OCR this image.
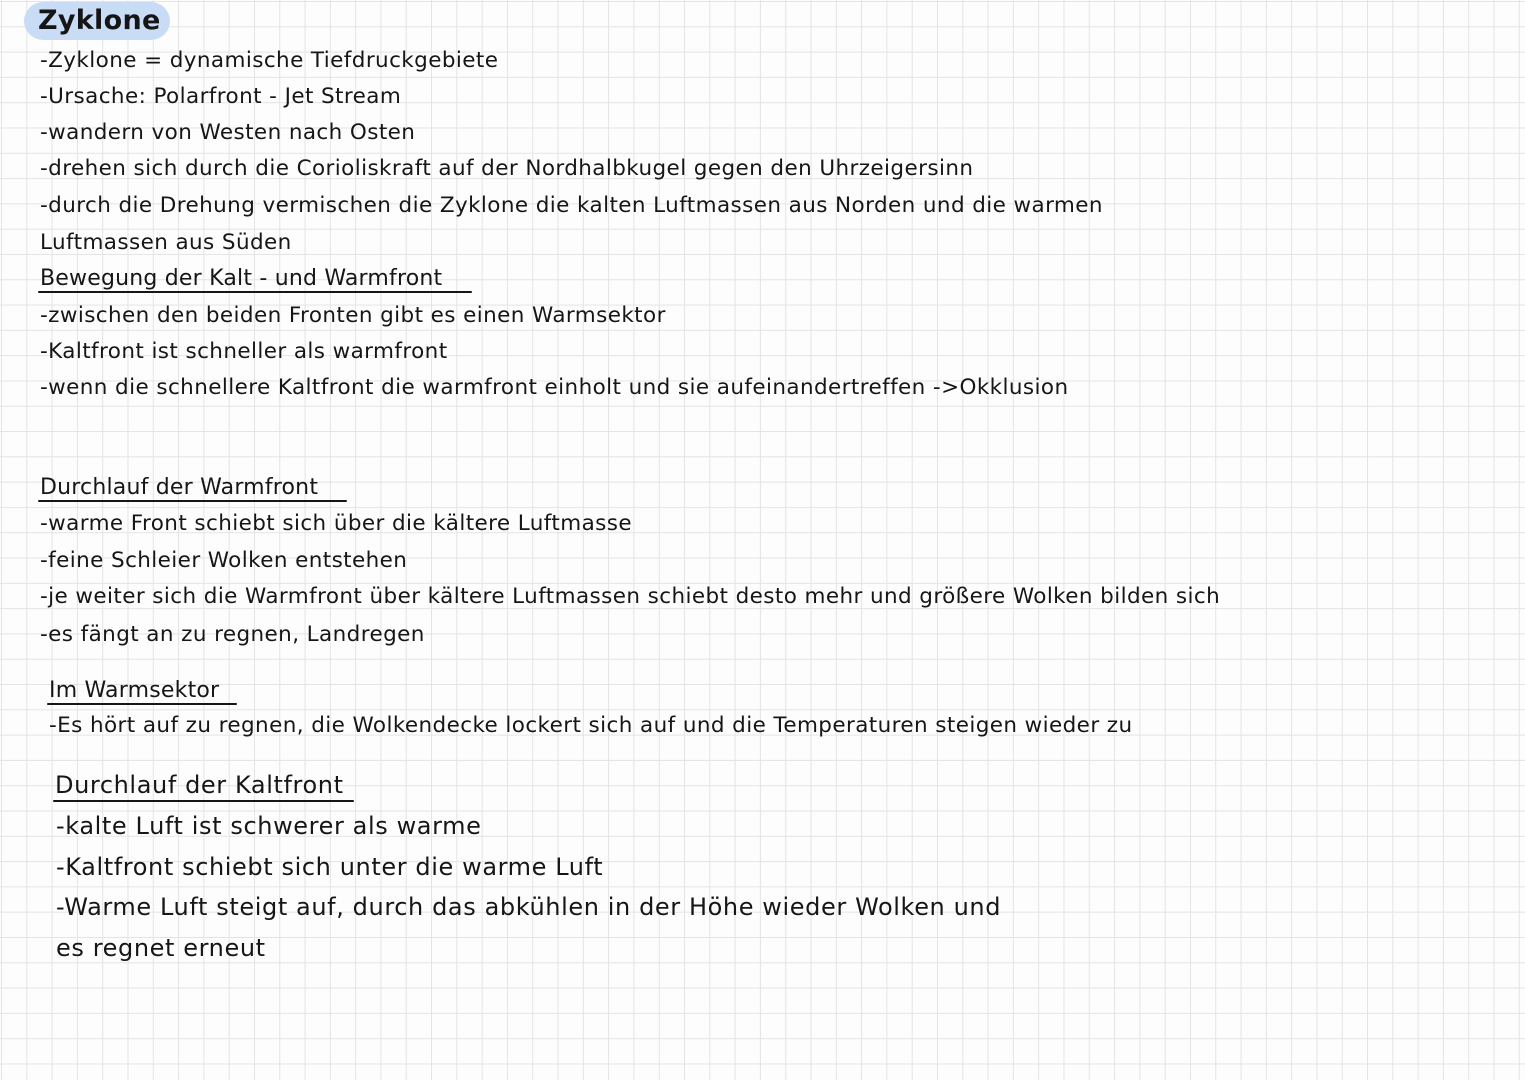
Zyklone
-Zyklone = dynamische Tiefdruckgebiete
-Ursache: Polarfront - Jet Stream
-wandern von Westen nach Osten
-drehen sich durch die Corioliskraft auf der Nordhalbkugel gegen den Uhrzeigersinn
-durch die Drehung vermischen die Zyklone die kalten Luftmassen aus Norden und die warmen
Luftmassen aus Süden
Bewegung der Kalt - und Warmfront
-zwischen den beiden Fronten gibt es einen Warmsektor
-Kaltfront ist schneller als warmfront
-wenn die schnellere Kaltfront die warmfront einholt und sie aufeinandertreffen ->Okklusion
Durchlauf der Warmfront
-warme Front schiebt sich über die kältere Luftmasse
-feine Schleier Wolken entstehen
-je weiter sich die Warmfront über kältere Luftmassen schiebt desto mehr und größere Wolken bilden sich
-es fängt an zu regnen, Landregen
Im Warmsektor
-Es hört auf zu regnen, die Wolkendecke lockert sich auf und die Temperaturen steigen wieder zu
Durchlauf der Kaltfront
-kalte Luft ist schwerer als warme
-Kaltfront schiebt sich unter die warme Luft
-Warme Luft steigt auf, durch das abkühlen in der Höhe wieder Wolken und
es regnet erneut
